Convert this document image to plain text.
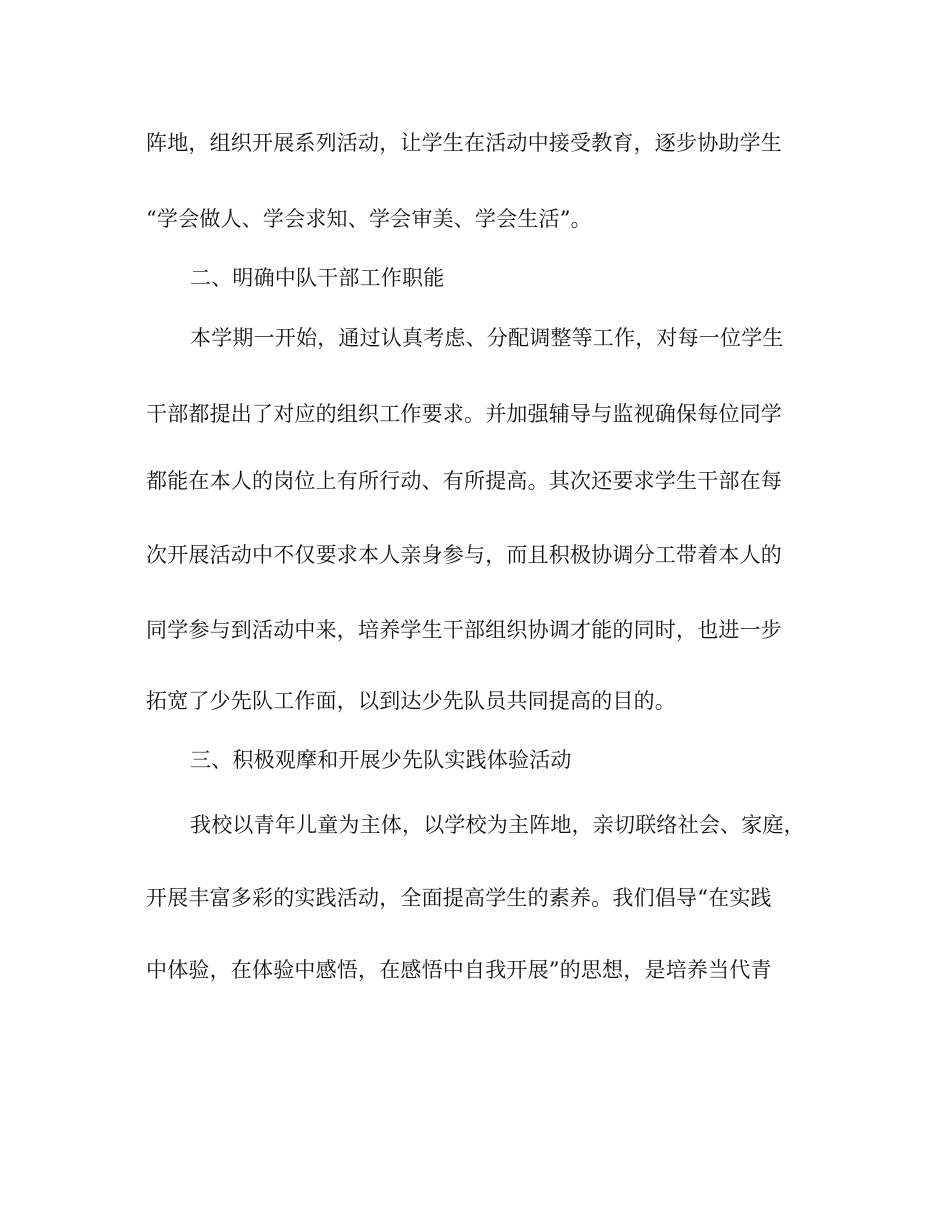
阵地，组织开展系列活动，让学生在活动中接受教育，逐步协助学生
“学会做人、学会求知、学会审美、学会生活”。
二、明确中队干部工作职能
本学期一开始，通过认真考虑、分配调整等工作，对每一位学生
干部都提出了对应的组织工作要求。并加强辅导与监视确保每位同学
都能在本人的岗位上有所行动、有所提高。其次还要求学生干部在每
次开展活动中不仅要求本人亲身参与，而且积极协调分工带着本人的
同学参与到活动中来，培养学生干部组织协调才能的同时，也进一步
拓宽了少先队工作面，以到达少先队员共同提高的目的。
三、积极观摩和开展少先队实践体验活动
我校以青年儿童为主体，以学校为主阵地，亲切联络社会、家庭，
开展丰富多彩的实践活动，全面提高学生的素养。我们倡导“在实践
中体验，在体验中感悟，在感悟中自我开展”的思想，是培养当代青
